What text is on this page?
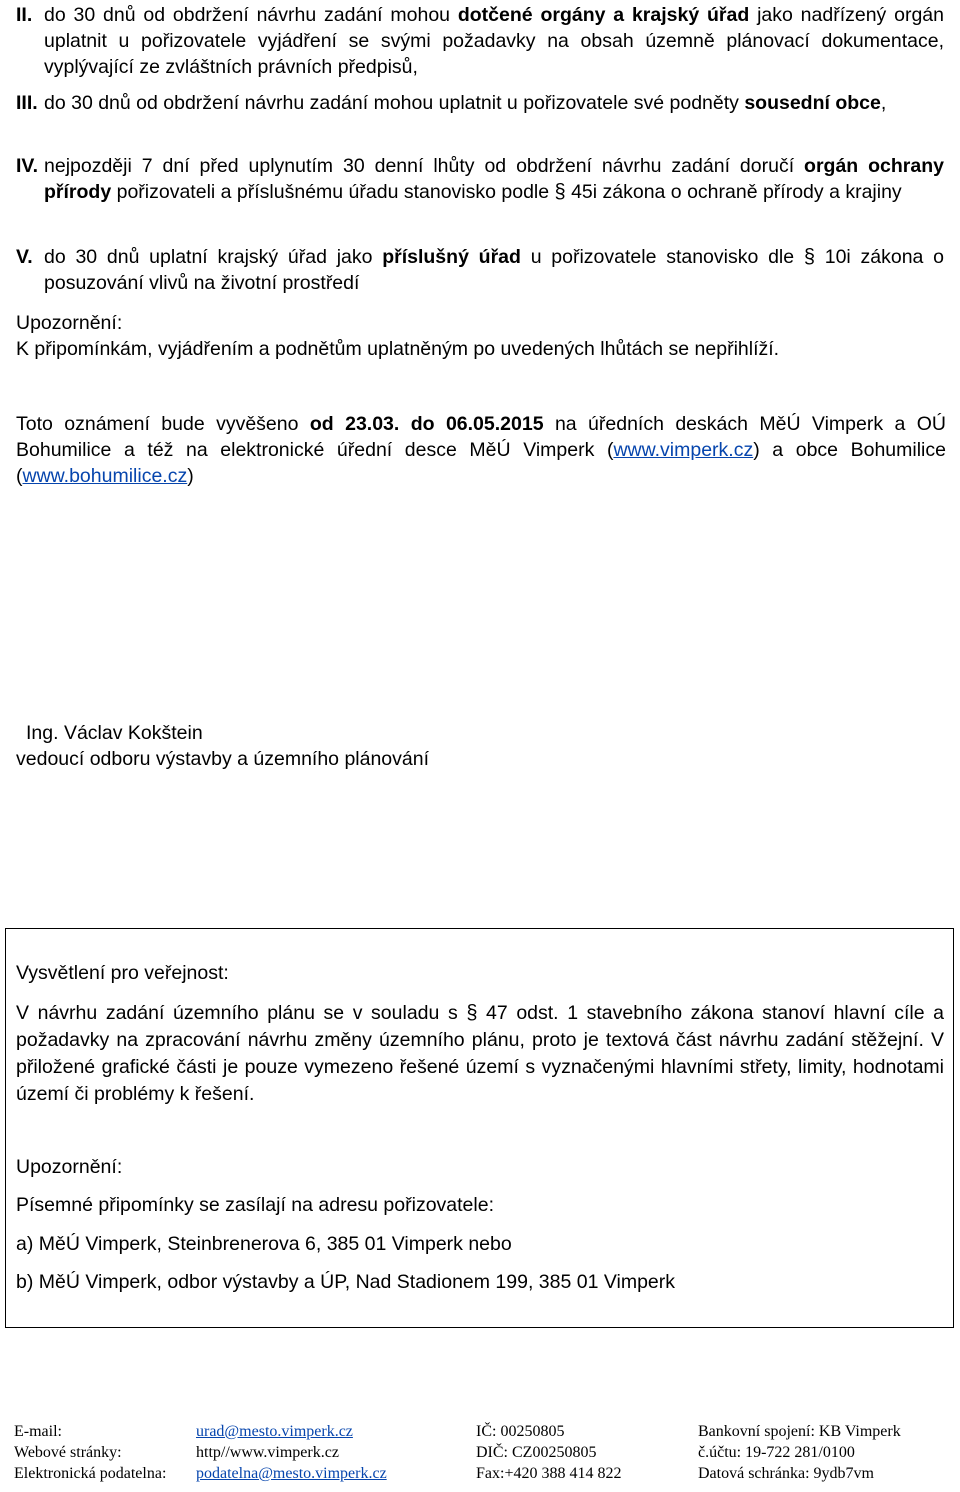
II. do 30 dnů od obdržení návrhu zadání mohou dotčené orgány a krajský úřad jako nadřízený orgán uplatnit u pořizovatele vyjádření se svými požadavky na obsah územně plánovací dokumentace, vyplývající ze zvláštních právních předpisů,
III. do 30 dnů od obdržení návrhu zadání mohou uplatnit u pořizovatele své podněty sousední obce,
IV. nejpozději 7 dní před uplynutím 30 denní lhůty od obdržení návrhu zadání doručí orgán ochrany přírody pořizovateli a příslušnému úřadu stanovisko podle § 45i zákona o ochraně přírody a krajiny
V. do 30 dnů uplatní krajský úřad jako příslušný úřad u pořizovatele stanovisko dle § 10i zákona o posuzování vlivů na životní prostředí
Upozornění:
K připomínkám, vyjádřením a podnětům uplatněným po uvedených lhůtách se nepřihlíží.
Toto oznámení bude vyvěšeno od 23.03. do 06.05.2015 na úředních deskách MěÚ Vimperk a OÚ Bohumilice a též na elektronické úřední desce MěÚ Vimperk (www.vimperk.cz) a obce Bohumilice (www.bohumilice.cz)
Ing. Václav Kokštein
vedoucí odboru výstavby a územního plánování
Vysvětlení pro veřejnost:
V návrhu zadání územního plánu se v souladu s § 47 odst. 1 stavebního zákona stanoví hlavní cíle a požadavky na zpracování návrhu změny územního plánu, proto je textová část návrhu zadání stěžejní. V přiložené grafické části je pouze vymezeno řešené území s vyznačenými hlavními střety, limity, hodnotami území či problémy k řešení.
Upozornění:
Písemné připomínky se zasílají na adresu pořizovatele:
a) MěÚ Vimperk, Steinbrenerova 6, 385 01 Vimperk nebo
b) MěÚ Vimperk, odbor výstavby a ÚP, Nad Stadionem 199, 385 01 Vimperk
E-mail:	urad@mesto.vimperk.cz	IČ: 00250805	Bankovní spojení: KB Vimperk
Webové stránky:	http//www.vimperk.cz	DIČ: CZ00250805	č.účtu: 19-722 281/0100
Elektronická podatelna: podatelna@mesto.vimperk.cz	Fax:+420 388 414 822	Datová schránka: 9ydb7vm
